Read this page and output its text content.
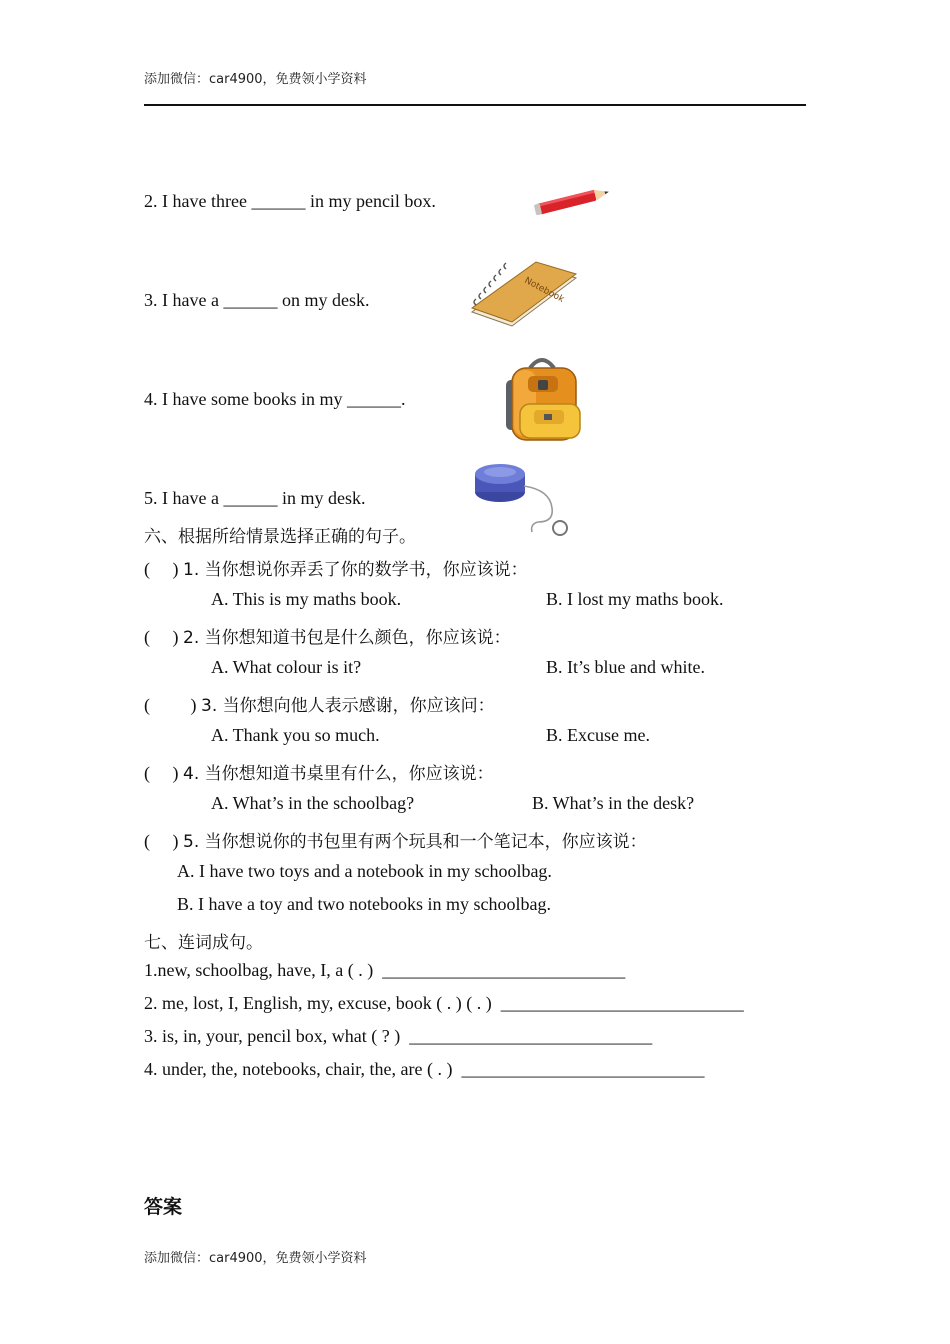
添加微信：car4900，免费领小学资料
2. I have three ______ in my pencil box.
3. I have a ______ on my desk.
4. I have some books in my ______.
5. I have a ______ in my desk.
Notebook
六、根据所给情景选择正确的句子。
(     ) 1. 当你想说你弄丢了你的数学书，你应该说：
A. This is my maths book.	B. I lost my maths book.
(     ) 2. 当你想知道书包是什么颜色，你应该说：
A. What colour is it?	B. It’s blue and white.
(         ) 3. 当你想向他人表示感谢，你应该问：
A. Thank you so much.	B. Excuse me.
(     ) 4. 当你想知道书桌里有什么，你应该说：
A. What’s in the schoolbag?	B. What’s in the desk?
(     ) 5. 当你想说你的书包里有两个玩具和一个笔记本，你应该说：
A. I have two toys and a notebook in my schoolbag.
B. I have a toy and two notebooks in my schoolbag.
七、连词成句。
1.new, schoolbag, have, I, a ( . )  ___________________________
2. me, lost, I, English, my, excuse, book ( . ) ( . )  ___________________________
3. is, in, your, pencil box, what ( ? )  ___________________________
4. under, the, notebooks, chair, the, are ( . )  ___________________________
答案
添加微信：car4900，免费领小学资料
